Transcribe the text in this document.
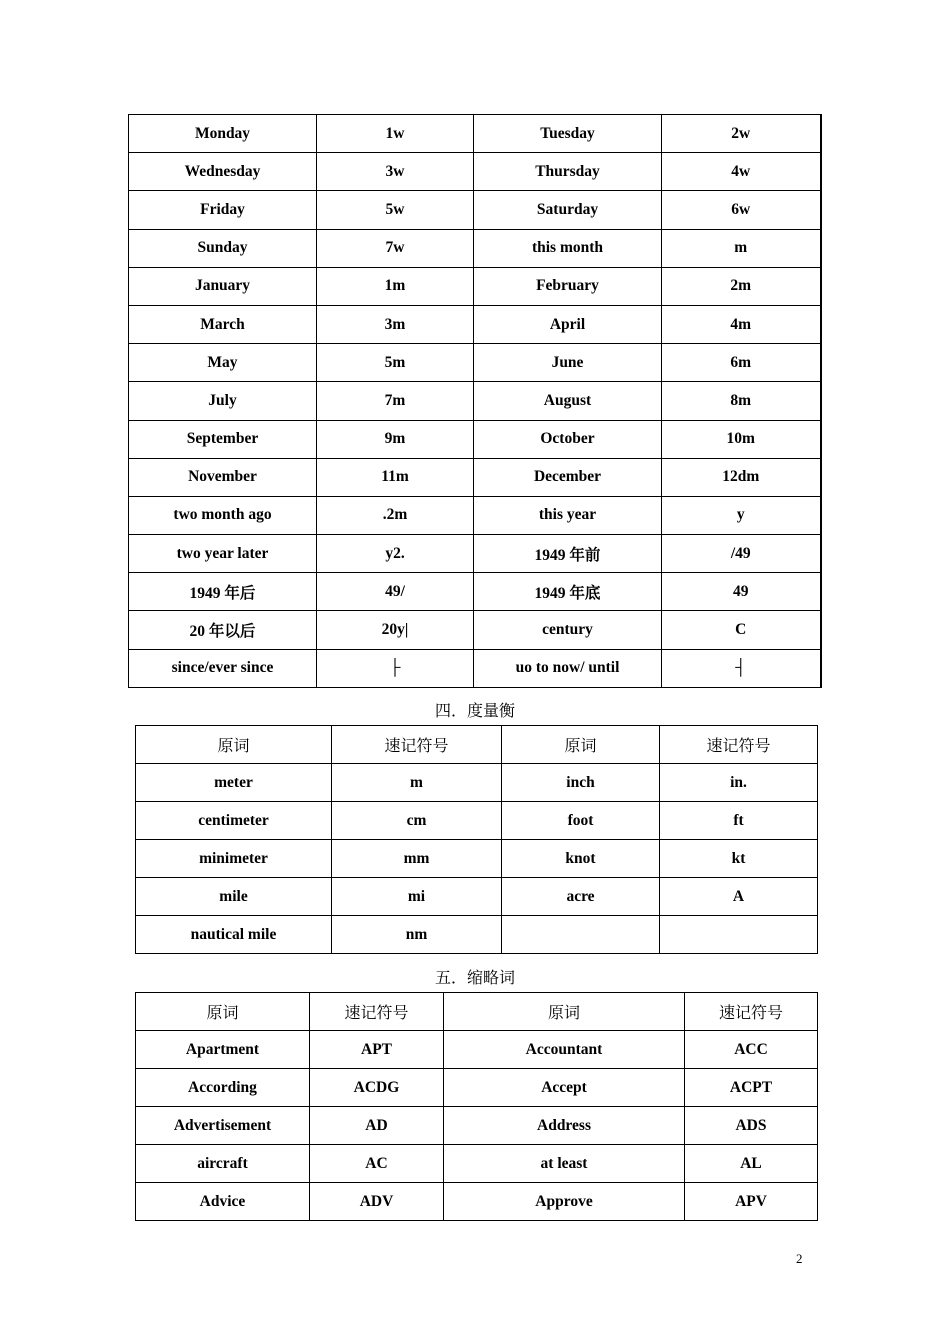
Monday	1w	Tuesday	2w
Wednesday	3w	Thursday	4w
Friday	5w	Saturday	6w
Sunday	7w	this month	m
January	1m	February	2m
March	3m	April	4m
May	5m	June	6m
July	7m	August	8m
September	9m	October	10m
November	11m	December	12dm
two month ago	.2m	this year	y
two year later	y2.	1949 年前	/49
1949 年后	49/	1949 年底	49
20 年以后	20y|	century	C
since/ever since	├	uo to now/ until	┤
四．度量衡
原词	速记符号	原词	速记符号
meter	m	inch	in.
centimeter	cm	foot	ft
minimeter	mm	knot	kt
mile	mi	acre	A
nautical mile	nm		
五．缩略词
原词	速记符号	原词	速记符号
Apartment	APT	Accountant	ACC
According	ACDG	Accept	ACPT
Advertisement	AD	Address	ADS
aircraft	AC	at least	AL
Advice	ADV	Approve	APV
2
